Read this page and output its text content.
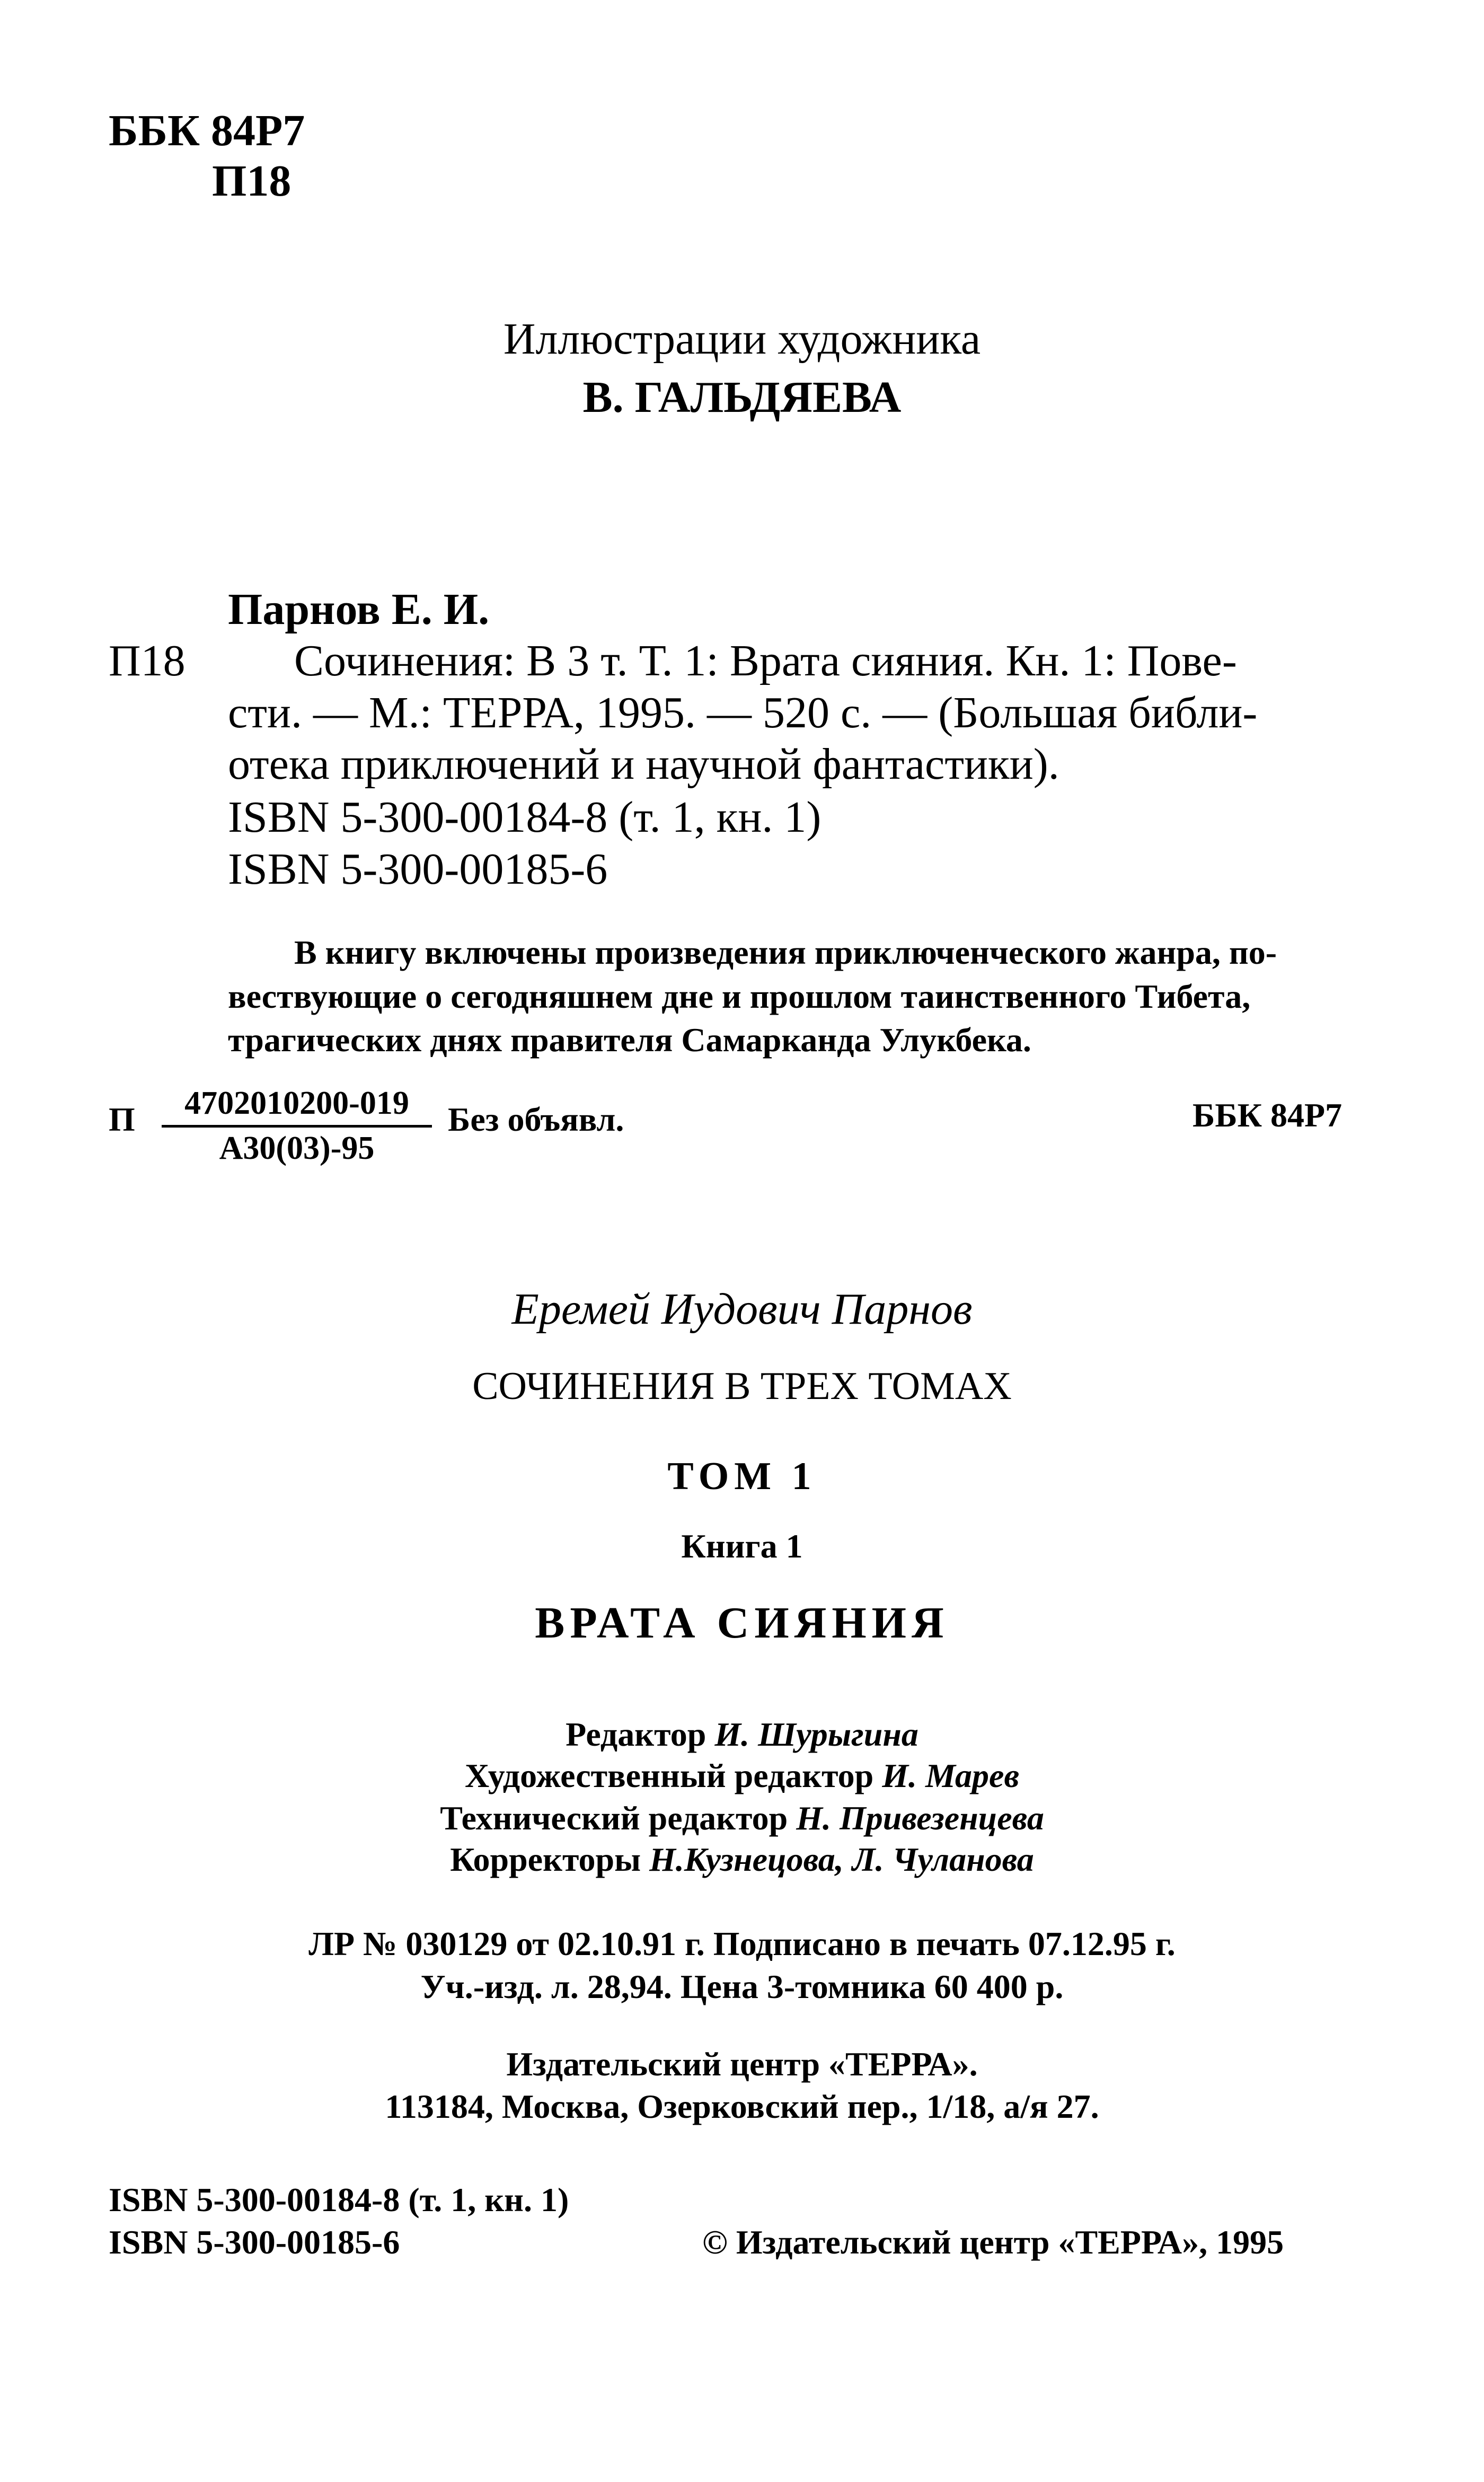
ББК 84Р7
П18
Иллюстрации художника
В. ГАЛЬДЯЕВА
Парнов Е. И.
П18 Сочинения: В 3 т. Т. 1: Врата сияния. Кн. 1: Пове-
сти. — М.: ТЕРРА, 1995. — 520 с. — (Большая библи-
отека приключений и научной фантастики).
ISBN 5-300-00184-8 (т. 1, кн. 1)
ISBN 5-300-00185-6
В книгу включены произведения приключенческого жанра, по-
вествующие о сегодняшнем дне и прошлом таинственного Тибета,
трагических днях правителя Самарканда Улукбека.
П	4702010200-019
А30(03)-95
Без объявл.	ББК 84Р7
Еремей Иудович Парнов
СОЧИНЕНИЯ В ТРЕХ ТОМАХ
ТОМ 1
Книга 1
ВРАТА СИЯНИЯ
Редактор И. Шурыгина
Художественный редактор И. Марев
Технический редактор Н. Привезенцева
Корректоры Н.Кузнецова, Л. Чуланова
ЛР № 030129 от 02.10.91 г. Подписано в печать 07.12.95 г.
Уч.-изд. л. 28,94. Цена 3-томника 60 400 р.
Издательский центр «ТЕРРА».
113184, Москва, Озерковский пер., 1/18, а/я 27.
ISBN 5-300-00184-8 (т. 1, кн. 1)
ISBN 5-300-00185-6	© Издательский центр «ТЕРРА», 1995
